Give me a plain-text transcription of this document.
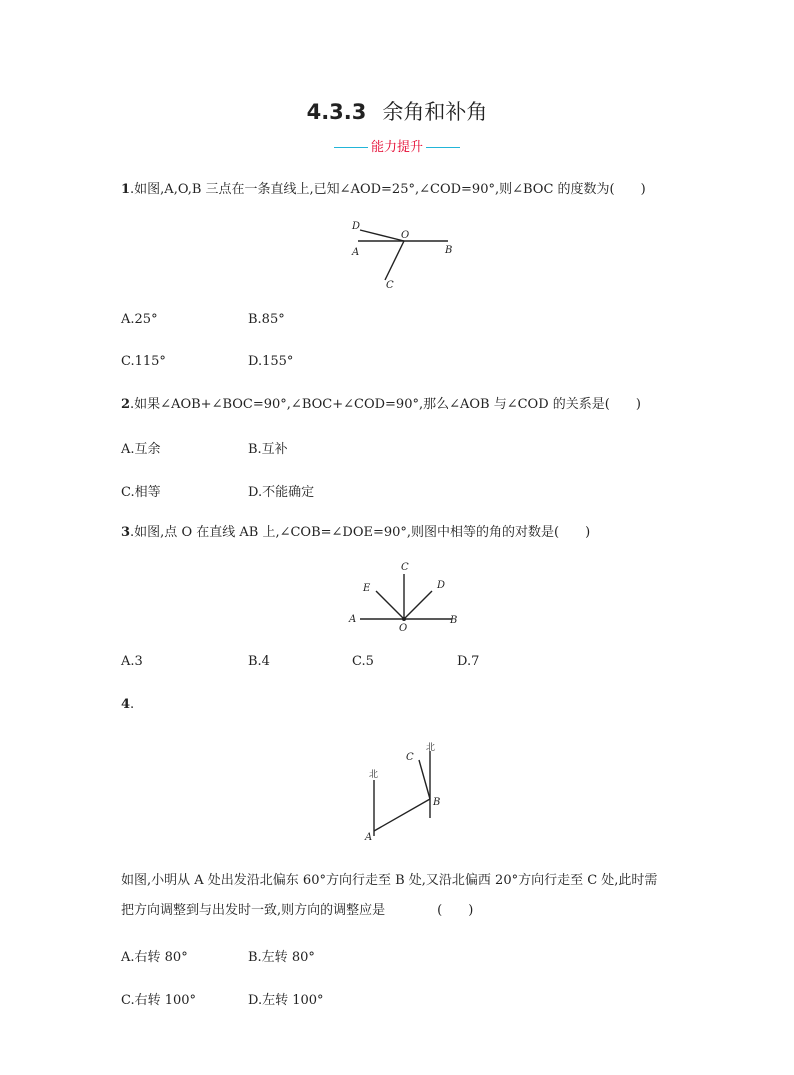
4.3.3 余角和补角
能力提升
1.如图,A,O,B 三点在一条直线上,已知∠AOD=25°,∠COD=90°,则∠BOC 的度数为(　　)
D
O
A	B
C
A.25°	B.85°
C.115°	D.155°
2.如果∠AOB+∠BOC=90°,∠BOC+∠COD=90°,那么∠AOB 与∠COD 的关系是(　　)
A.互余	B.互补
C.相等	D.不能确定
3.如图,点 O 在直线 AB 上,∠COB=∠DOE=90°,则图中相等的角的对数是(　　)
C
E	D
A
O
B
A.3	B.4	C.5	D.7
4.
C
北
北
B
A
如图,小明从 A 处出发沿北偏东 60°方向行走至 B 处,又沿北偏西 20°方向行走至 C 处,此时需
把方向调整到与出发时一致,则方向的调整应是　　　　(　　)
A.右转 80°	B.左转 80°
C.右转 100°	D.左转 100°
